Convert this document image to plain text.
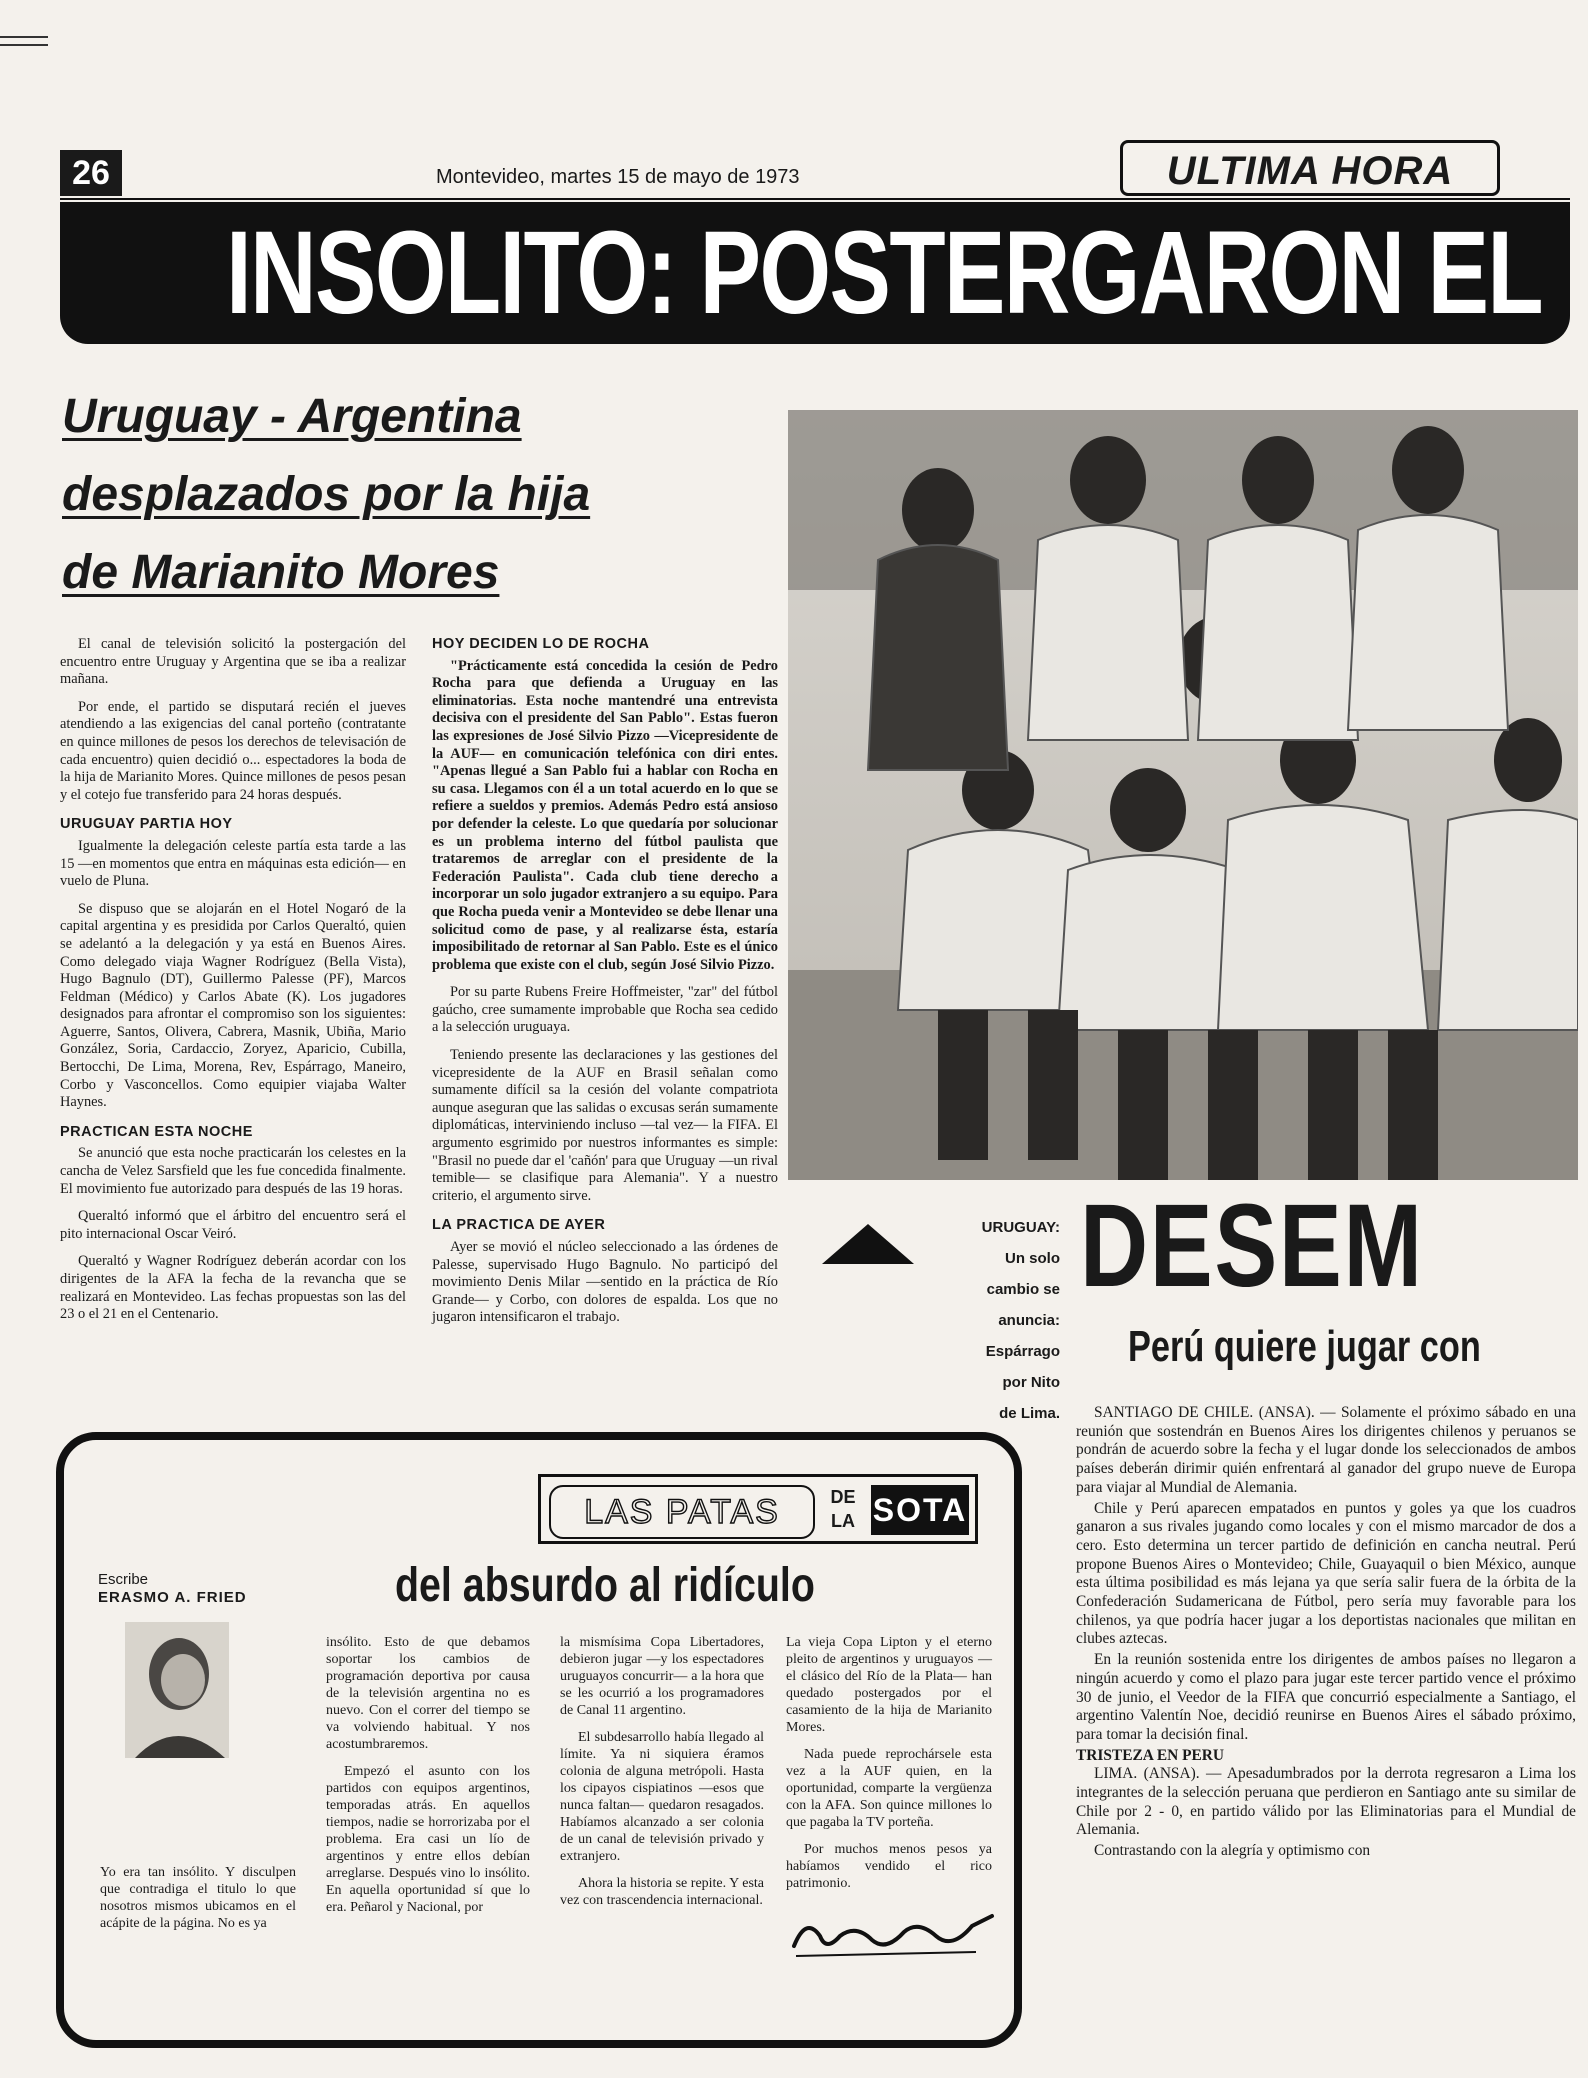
26	Montevideo, martes 15 de mayo de 1973	ULTIMA HORA
INSOLITO: POSTERGARON EL
Uruguay - Argentina
desplazados por la hija
de Marianito Mores

El canal de televisión solicitó la postergación del encuentro entre Uruguay y Argentina que se iba a realizar mañana.

Por ende, el partido se disputará recién el jueves atendiendo a las exigencias del canal porteño (contratante en quince millones de pesos los derechos de televisación de cada encuentro) quien decidió o... espectadores la boda de la hija de Marianito Mores. Quince millones de pesos pesan y el cotejo fue transferido para 24 horas después.

URUGUAY PARTIA HOY

Igualmente la delegación celeste partía esta tarde a las 15 —en momentos que entra en máquinas esta edición— en vuelo de Pluna.

Se dispuso que se alojarán en el Hotel Nogaró de la capital argentina y es presidida por Carlos Queraltó, quien se adelantó a la delegación y ya está en Buenos Aires. Como delegado viaja Wagner Rodríguez (Bella Vista), Hugo Bagnulo (DT), Guillermo Palesse (PF), Marcos Feldman (Médico) y Carlos Abate (K). Los jugadores designados para afrontar el compromiso son los siguientes: Aguerre, Santos, Olivera, Cabrera, Masnik, Ubiña, Mario González, Soria, Cardaccio, Zoryez, Aparicio, Cubilla, Bertocchi, De Lima, Morena, Rev, Espárrago, Maneiro, Corbo y Vasconcellos. Como equipier viajaba Walter Haynes.

PRACTICAN ESTA NOCHE

Se anunció que esta noche practicarán los celestes en la cancha de Velez Sarsfield que les fue concedida finalmente. El movimiento fue autorizado para después de las 19 horas.

Queraltó informó que el árbitro del encuentro será el pito internacional Oscar Veiró.

Queraltó y Wagner Rodríguez deberán acordar con los dirigentes de la AFA la fecha de la revancha que se realizará en Montevideo. Las fechas propuestas son las del 23 o el 21 en el Centenario.

HOY DECIDEN LO DE ROCHA

"Prácticamente está concedida la cesión de Pedro Rocha para que defienda a Uruguay en las eliminatorias. Esta noche mantendré una entrevista decisiva con el presidente del San Pablo". Estas fueron las expresiones de José Silvio Pizzo —Vicepresidente de la AUF— en comunicación telefónica con diri entes. "Apenas llegué a San Pablo fui a hablar con Rocha en su casa. Llegamos con él a un total acuerdo en lo que se refiere a sueldos y premios. Además Pedro está ansioso por defender la celeste. Lo que quedaría por solucionar es un problema interno del fútbol paulista que trataremos de arreglar con el presidente de la Federación Paulista". Cada club tiene derecho a incorporar un solo jugador extranjero a su equipo. Para que Rocha pueda venir a Montevideo se debe llenar una solicitud como de pase, y al realizarse ésta, estaría imposibilitado de retornar al San Pablo. Este es el único problema que existe con el club, según José Silvio Pizzo.

Por su parte Rubens Freire Hoffmeister, "zar" del fútbol gaúcho, cree sumamente improbable que Rocha sea cedido a la selección uruguaya.

Teniendo presente las declaraciones y las gestiones del vicepresidente de la AUF en Brasil señalan como sumamente difícil sa la cesión del volante compatriota aunque aseguran que las salidas o excusas serán sumamente diplomáticas, interviniendo incluso —tal vez— la FIFA. El argumento esgrimido por nuestros informantes es simple: "Brasil no puede dar el 'cañón' para que Uruguay —un rival temible— se clasifique para Alemania". Y a nuestro criterio, el argumento sirve.

LA PRACTICA DE AYER

Ayer se movió el núcleo seleccionado a las órdenes de Palesse, supervisado Hugo Bagnulo. No participó del movimiento Denis Milar —sentido en la práctica de Río Grande— y Corbo, con dolores de espalda. Los que no jugaron intensificaron el trabajo.

URUGUAY:
Un solo
cambio se
anuncia:
Espárrago
por Nito
de Lima.
DESEM
Perú quiere jugar con

SANTIAGO DE CHILE. (ANSA). — Solamente el próximo sábado en una reunión que sostendrán en Buenos Aires los dirigentes chilenos y peruanos se pondrán de acuerdo sobre la fecha y el lugar donde los seleccionados de ambos países deberán dirimir quién enfrentará al ganador del grupo nueve de Europa para viajar al Mundial de Alemania.

Chile y Perú aparecen empatados en puntos y goles ya que los cuadros ganaron a sus rivales jugando como locales y con el mismo marcador de dos a cero. Esto determina un tercer partido de definición en cancha neutral. Perú propone Buenos Aires o Montevideo; Chile, Guayaquil o bien México, aunque esta última posibilidad es más lejana ya que sería salir fuera de la órbita de la Confederación Sudamericana de Fútbol, pero sería muy favorable para los chilenos, ya que podría hacer jugar a los deportistas nacionales que militan en clubes aztecas.

En la reunión sostenida entre los dirigentes de ambos países no llegaron a ningún acuerdo y como el plazo para jugar este tercer partido vence el próximo 30 de junio, el Veedor de la FIFA que concurrió especialmente a Santiago, el argentino Valentín Noe, decidió reunirse en Buenos Aires el sábado próximo, para tomar la decisión final.

TRISTEZA EN PERU

LIMA. (ANSA). — Apesadumbrados por la derrota regresaron a Lima los integrantes de la selección peruana que perdieron en Santiago ante su similar de Chile por 2 - 0, en partido válido por las Eliminatorias para el Mundial de Alemania.

Contrastando con la alegría y optimismo con

LAS PATAS	DE
LA SOTA
Escribe
ERASMO A. FRIED	del absurdo al ridículo

Yo era tan insólito. Y disculpen que contradiga el titulo lo que nosotros mismos ubicamos en el acápite de la página. No es ya

insólito. Esto de que debamos soportar los cambios de programación deportiva por causa de la televisión argentina no es nuevo. Con el correr del tiempo se va volviendo habitual. Y nos acostumbraremos.

Empezó el asunto con los partidos con equipos argentinos, temporadas atrás. En aquellos tiempos, nadie se horrorizaba por el problema. Era casi un lío de argentinos y entre ellos debían arreglarse. Después vino lo insólito. En aquella oportunidad sí que lo era. Peñarol y Nacional, por

la mismísima Copa Libertadores, debieron jugar —y los espectadores uruguayos concurrir— a la hora que se les ocurrió a los programadores de Canal 11 argentino.

El subdesarrollo había llegado al límite. Ya ni siquiera éramos colonia de alguna metrópoli. Hasta los cipayos cispiatinos —esos que nunca faltan— quedaron resagados. Habíamos alcanzado a ser colonia de un canal de televisión privado y extranjero.

Ahora la historia se repite. Y esta vez con trascendencia internacional.

La vieja Copa Lipton y el eterno pleito de argentinos y uruguayos —el clásico del Río de la Plata— han quedado postergados por el casamiento de la hija de Marianito Mores.

Nada puede reprochársele esta vez a la AUF quien, en la oportunidad, comparte la vergüenza con la AFA. Son quince millones lo que pagaba la TV porteña.

Por muchos menos pesos ya habíamos vendido el rico patrimonio.
